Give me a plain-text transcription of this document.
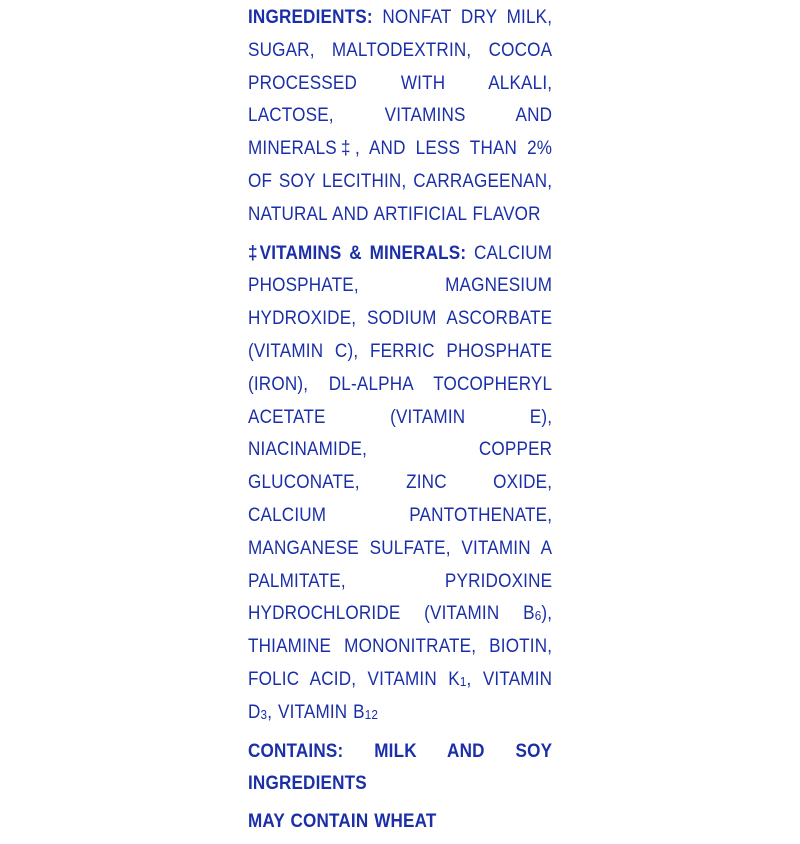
INGREDIENTS: NONFAT DRY MILK, SUGAR, MALTODEXTRIN, COCOA PROCESSED WITH ALKALI, LACTOSE, VITAMINS AND MINERALS‡, AND LESS THAN 2% OF SOY LECITHIN, CARRAGEENAN, NATURAL AND ARTIFICIAL FLAVOR

‡VITAMINS & MINERALS: CALCIUM PHOSPHATE, MAGNESIUM HYDROXIDE, SODIUM ASCORBATE (VITAMIN C), FERRIC PHOSPHATE (IRON), DL-ALPHA TOCOPHERYL ACETATE (VITAMIN E), NIACINAMIDE, COPPER GLUCONATE, ZINC OXIDE, CALCIUM PANTOTHENATE, MANGANESE SULFATE, VITAMIN A PALMITATE, PYRIDOXINE HYDROCHLORIDE (VITAMIN B6), THIAMINE MONONITRATE, BIOTIN, FOLIC ACID, VITAMIN K1, VITAMIN D3, VITAMIN B12

CONTAINS: MILK AND SOY INGREDIENTS

MAY CONTAIN WHEAT
